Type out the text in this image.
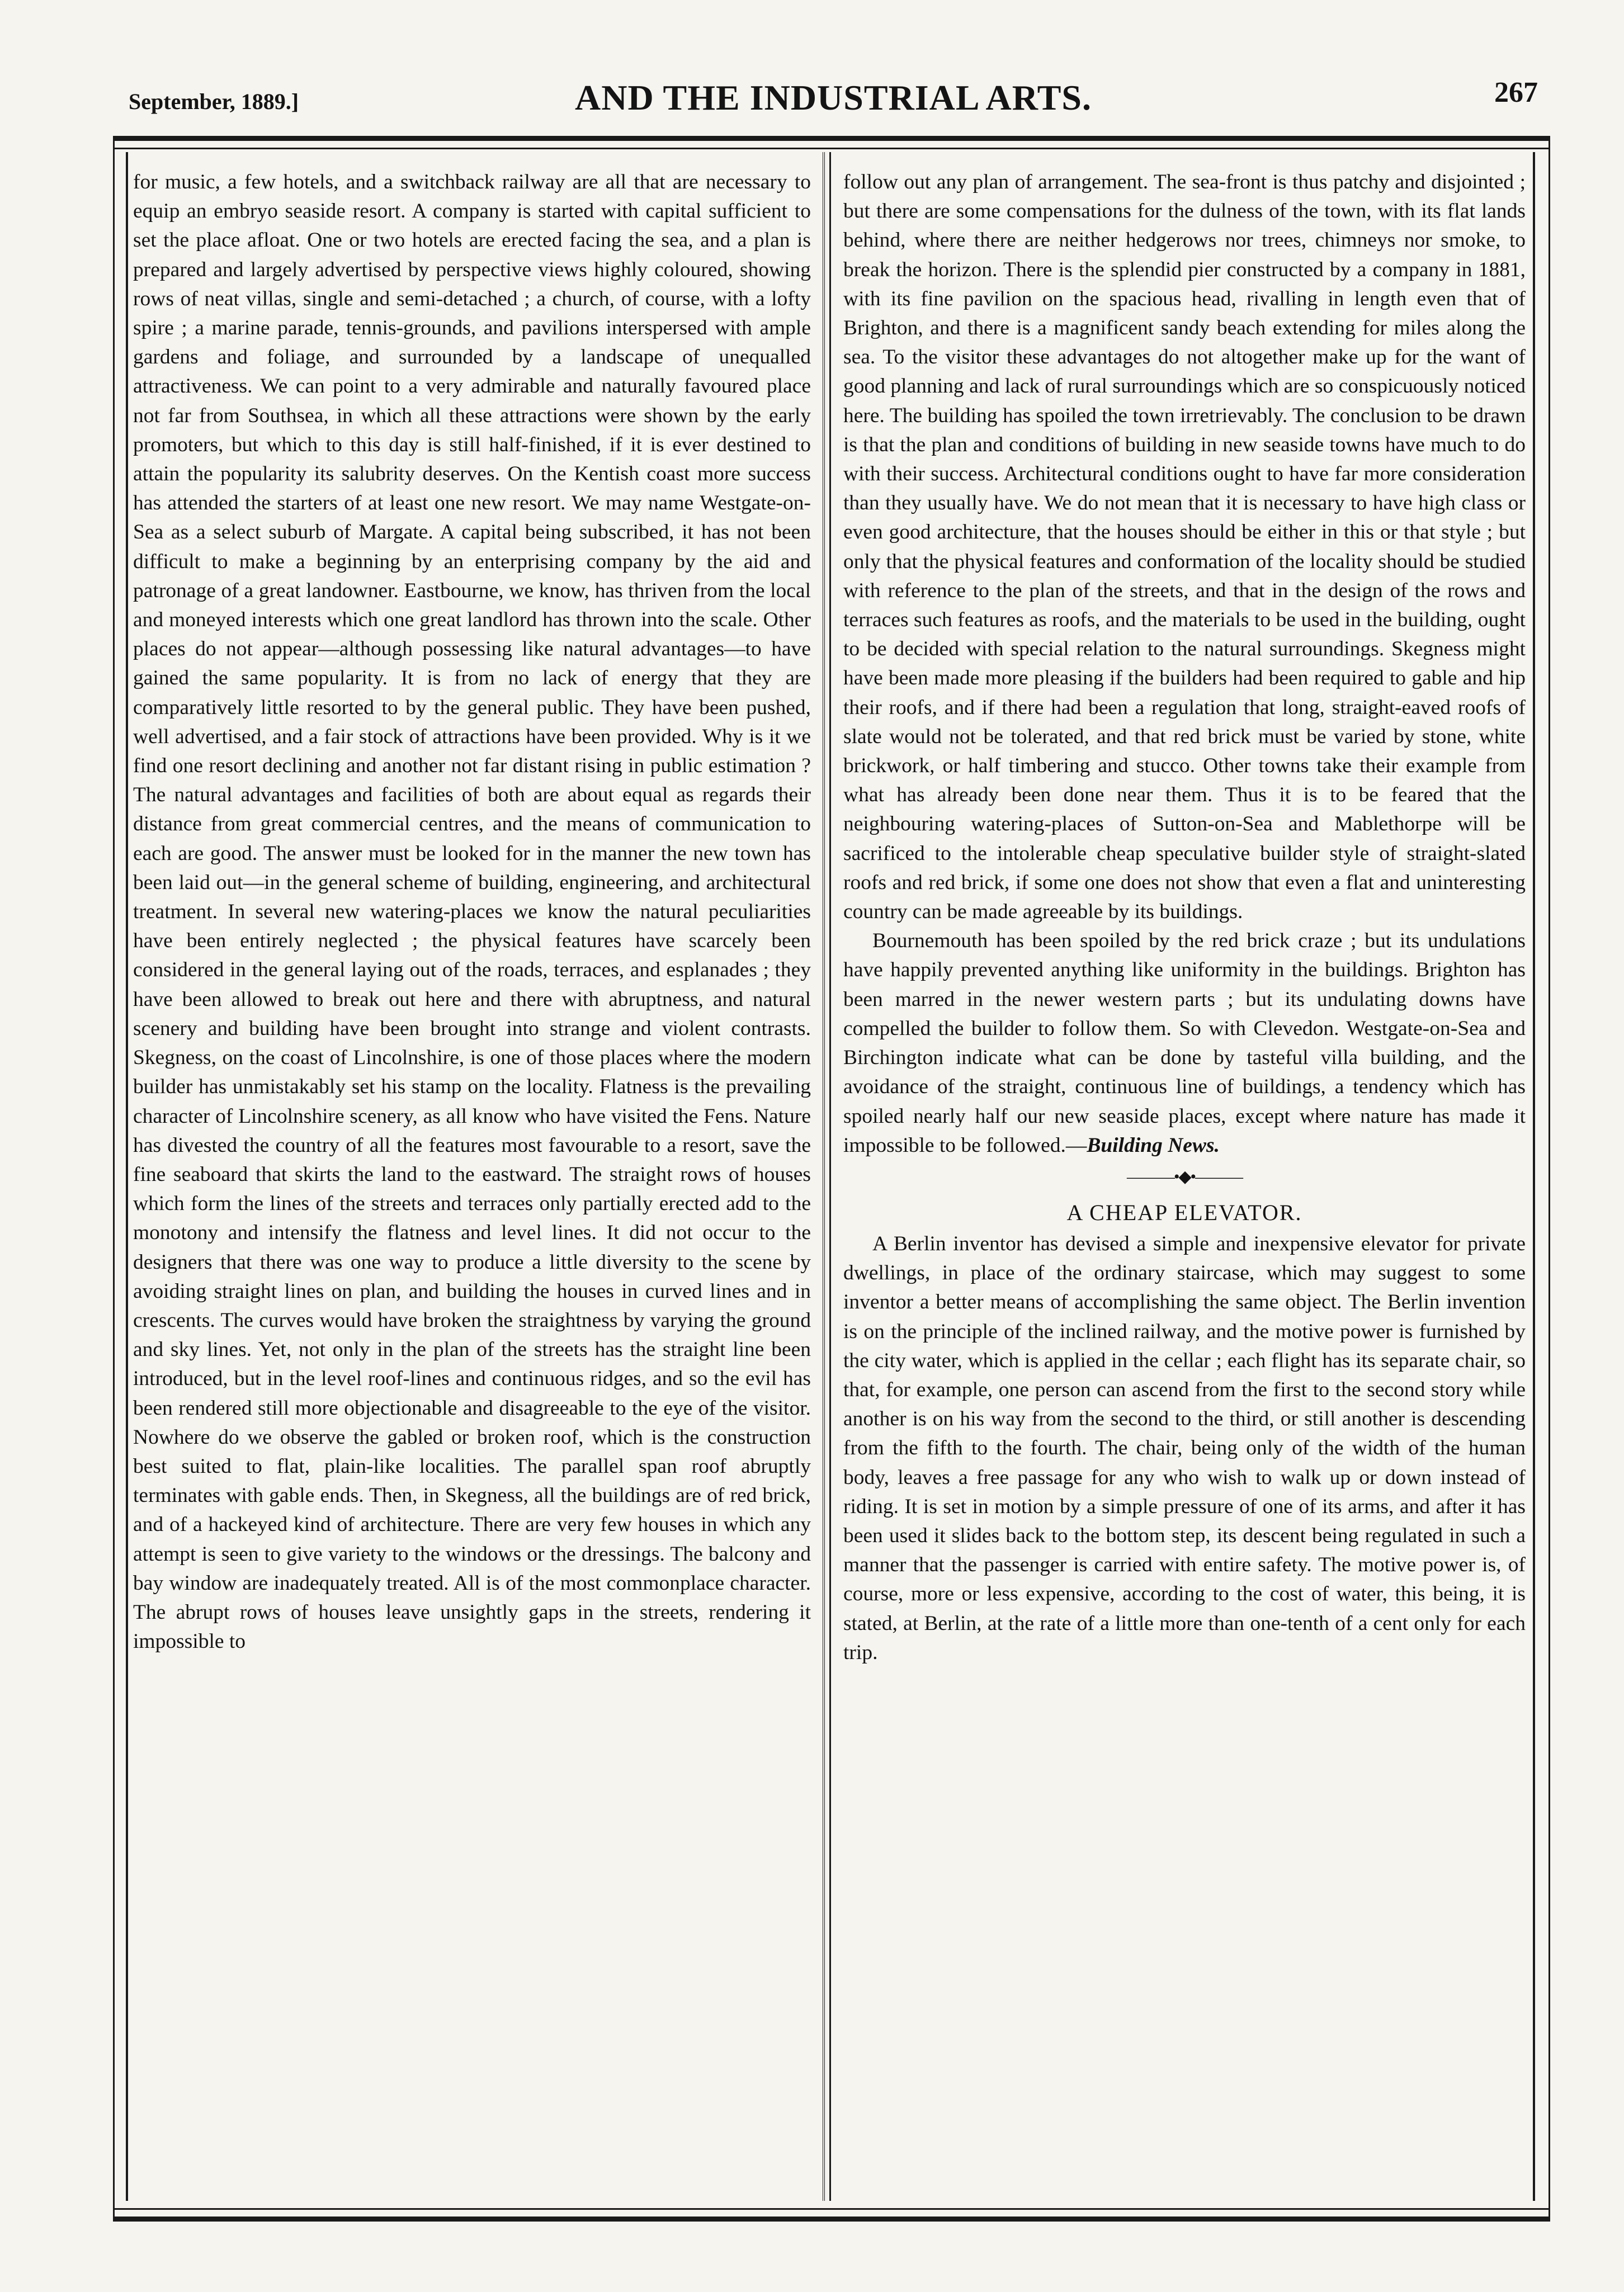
September, 1889.]	AND THE INDUSTRIAL ARTS.	267

for music, a few hotels, and a switchback railway are all that are necessary to equip an embryo seaside resort. A company is started with capital sufficient to set the place afloat. One or two hotels are erected facing the sea, and a plan is prepared and largely advertised by perspective views highly coloured, showing rows of neat villas, single and semi-detached ; a church, of course, with a lofty spire ; a marine parade, tennis-grounds, and pavilions interspersed with ample gardens and foliage, and surrounded by a landscape of unequalled attractiveness. We can point to a very admirable and naturally favoured place not far from Southsea, in which all these attractions were shown by the early promoters, but which to this day is still half-finished, if it is ever destined to attain the popularity its salubrity deserves. On the Kentish coast more success has attended the starters of at least one new resort. We may name Westgate-on-Sea as a select suburb of Margate. A capital being subscribed, it has not been difficult to make a beginning by an enterprising company by the aid and patronage of a great landowner. Eastbourne, we know, has thriven from the local and moneyed interests which one great landlord has thrown into the scale. Other places do not appear—although possessing like natural advantages—to have gained the same popularity. It is from no lack of energy that they are comparatively little resorted to by the general public. They have been pushed, well advertised, and a fair stock of attractions have been provided. Why is it we find one resort declining and another not far distant rising in public estimation ? The natural advantages and facilities of both are about equal as regards their distance from great commercial centres, and the means of communication to each are good. The answer must be looked for in the manner the new town has been laid out—in the general scheme of building, engineering, and architectural treatment. In several new watering-places we know the natural peculiarities have been entirely neglected ; the physical features have scarcely been considered in the general laying out of the roads, terraces, and esplanades ; they have been allowed to break out here and there with abruptness, and natural scenery and building have been brought into strange and violent contrasts. Skegness, on the coast of Lincolnshire, is one of those places where the modern builder has unmistakably set his stamp on the locality. Flatness is the prevailing character of Lincolnshire scenery, as all know who have visited the Fens. Nature has divested the country of all the features most favourable to a resort, save the fine seaboard that skirts the land to the eastward. The straight rows of houses which form the lines of the streets and terraces only partially erected add to the monotony and intensify the flatness and level lines. It did not occur to the designers that there was one way to produce a little diversity to the scene by avoiding straight lines on plan, and building the houses in curved lines and in crescents. The curves would have broken the straightness by varying the ground and sky lines. Yet, not only in the plan of the streets has the straight line been introduced, but in the level roof-lines and continuous ridges, and so the evil has been rendered still more objectionable and disagreeable to the eye of the visitor. Nowhere do we observe the gabled or broken roof, which is the construction best suited to flat, plain-like localities. The parallel span roof abruptly terminates with gable ends. Then, in Skegness, all the buildings are of red brick, and of a hackeyed kind of architecture. There are very few houses in which any attempt is seen to give variety to the windows or the dressings. The balcony and bay window are inadequately treated. All is of the most commonplace character. The abrupt rows of houses leave unsightly gaps in the streets, rendering it impossible to

follow out any plan of arrangement. The sea-front is thus patchy and disjointed ; but there are some compensations for the dulness of the town, with its flat lands behind, where there are neither hedgerows nor trees, chimneys nor smoke, to break the horizon. There is the splendid pier constructed by a company in 1881, with its fine pavilion on the spacious head, rivalling in length even that of Brighton, and there is a magnificent sandy beach extending for miles along the sea. To the visitor these advantages do not altogether make up for the want of good planning and lack of rural surroundings which are so conspicuously noticed here. The building has spoiled the town irretrievably. The conclusion to be drawn is that the plan and conditions of building in new seaside towns have much to do with their success. Architectural conditions ought to have far more consideration than they usually have. We do not mean that it is necessary to have high class or even good architecture, that the houses should be either in this or that style ; but only that the physical features and conformation of the locality should be studied with reference to the plan of the streets, and that in the design of the rows and terraces such features as roofs, and the materials to be used in the building, ought to be decided with special relation to the natural surroundings. Skegness might have been made more pleasing if the builders had been required to gable and hip their roofs, and if there had been a regulation that long, straight-eaved roofs of slate would not be tolerated, and that red brick must be varied by stone, white brickwork, or half timbering and stucco. Other towns take their example from what has already been done near them. Thus it is to be feared that the neighbouring watering-places of Sutton-on-Sea and Mablethorpe will be sacrificed to the intolerable cheap speculative builder style of straight-slated roofs and red brick, if some one does not show that even a flat and uninteresting country can be made agreeable by its buildings.

Bournemouth has been spoiled by the red brick craze ; but its undulations have happily prevented anything like uniformity in the buildings. Brighton has been marred in the newer western parts ; but its undulating downs have compelled the builder to follow them. So with Clevedon. Westgate-on-Sea and Birchington indicate what can be done by tasteful villa building, and the avoidance of the straight, continuous line of buildings, a tendency which has spoiled nearly half our new seaside places, except where nature has made it impossible to be followed.—Building News.

———•◆•———
A CHEAP ELEVATOR.

A Berlin inventor has devised a simple and inexpensive elevator for private dwellings, in place of the ordinary staircase, which may suggest to some inventor a better means of accomplishing the same object. The Berlin invention is on the principle of the inclined railway, and the motive power is furnished by the city water, which is applied in the cellar ; each flight has its separate chair, so that, for example, one person can ascend from the first to the second story while another is on his way from the second to the third, or still another is descending from the fifth to the fourth. The chair, being only of the width of the human body, leaves a free passage for any who wish to walk up or down instead of riding. It is set in motion by a simple pressure of one of its arms, and after it has been used it slides back to the bottom step, its descent being regulated in such a manner that the passenger is carried with entire safety. The motive power is, of course, more or less expensive, according to the cost of water, this being, it is stated, at Berlin, at the rate of a little more than one-tenth of a cent only for each trip.
